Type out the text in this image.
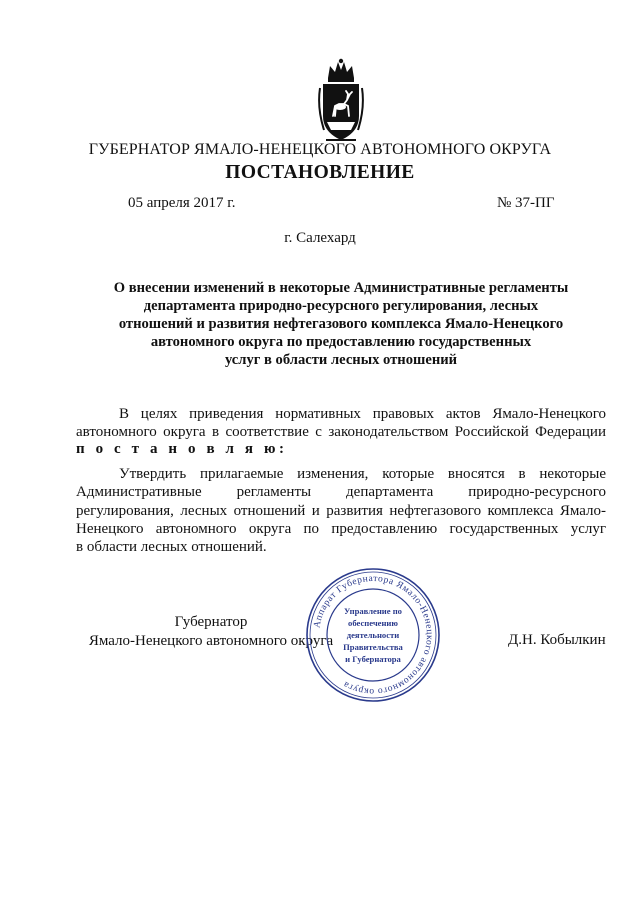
ГУБЕРНАТОР ЯМАЛО-НЕНЕЦКОГО АВТОНОМНОГО ОКРУГА
ПОСТАНОВЛЕНИЕ
05 апреля 2017 г.	№ 37-ПГ
г. Салехард
О внесении изменений в некоторые Административные регламенты
департамента природно-ресурсного регулирования, лесных
отношений и развития нефтегазового комплекса Ямало-Ненецкого
автономного округа по предоставлению государственных
услуг в области лесных отношений
В целях приведения нормативных правовых актов Ямало-Ненецкого
автономного округа в соответствие с законодательством Российской Федерации
п о с т а н о в л я ю:
Утвердить прилагаемые изменения, которые вносятся в некоторые
Административные регламенты департамента природно-ресурсного
регулирования, лесных отношений и развития нефтегазового комплекса Ямало-
Ненецкого автономного округа по предоставлению государственных услуг
в области лесных отношений.
Губернатор
Ямало-Ненецкого автономного округа	Д.Н. Кобылкин
Аппарат Губернатора Ямало-Ненецкого автономного округа
Управление по
обеспечению
деятельности
Правительства
и Губернатора
